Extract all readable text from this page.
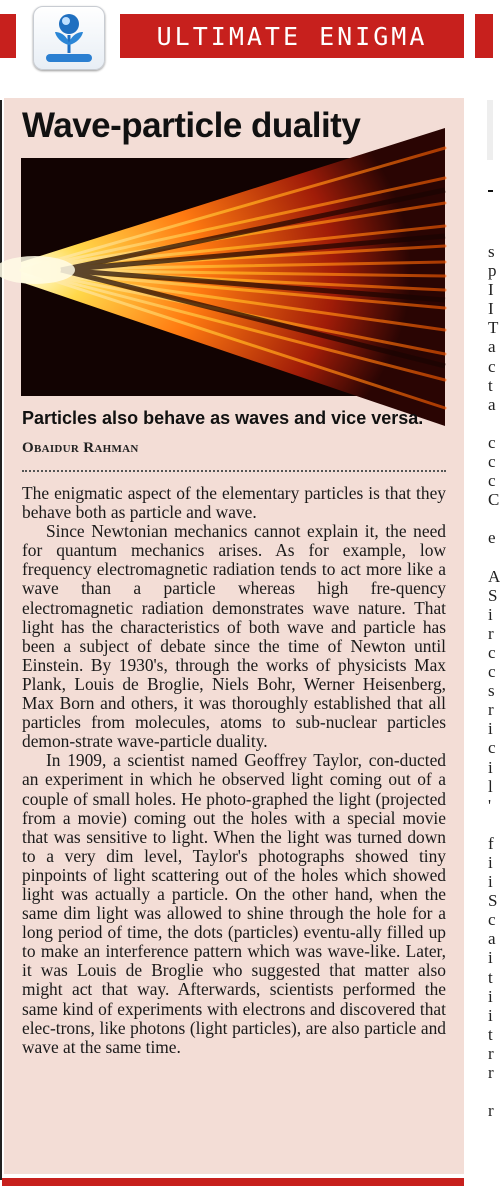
ULTIMATE ENIGMA
Wave-particle duality
Particles also behave as waves and vice versa.
Obaidur Rahman

The enigmatic aspect of the elementary particles is that they behave both as particle and wave.

Since Newtonian mechanics cannot explain it, the need for quantum mechanics arises. As for example, low frequency electromagnetic radiation tends to act more like a wave than a particle whereas high fre-quency electromagnetic radiation demonstrates wave nature. That light has the characteristics of both wave and particle has been a subject of debate since the time of Newton until Einstein. By 1930's, through the works of physicists Max Plank, Louis de Broglie, Niels Bohr, Werner Heisenberg, Max Born and others, it was thoroughly established that all particles from molecules, atoms to sub-nuclear particles demon-strate wave-particle duality.

In 1909, a scientist named Geoffrey Taylor, con-ducted an experiment in which he observed light coming out of a couple of small holes. He photo-graphed the light (projected from a movie) coming out the holes with a special movie that was sensitive to light. When the light was turned down to a very dim level, Taylor's photographs showed tiny pinpoints of light scattering out of the holes which showed light was actually a particle. On the other hand, when the same dim light was allowed to shine through the hole for a long period of time, the dots (particles) eventu-ally filled up to make an interference pattern which was wave-like. Later, it was Louis de Broglie who suggested that matter also might act that way. Afterwards, scientists performed the same kind of experiments with electrons and discovered that elec-trons, like photons (light particles), are also particle and wave at the same time.

s
p
I
I
T
a
c
t
a
c
c
c
C
e
A
S
i
r
c
c
s
r
i
c
i
l
'
f
i
i
S
c
a
i
t
i
i
t
r
r
r
